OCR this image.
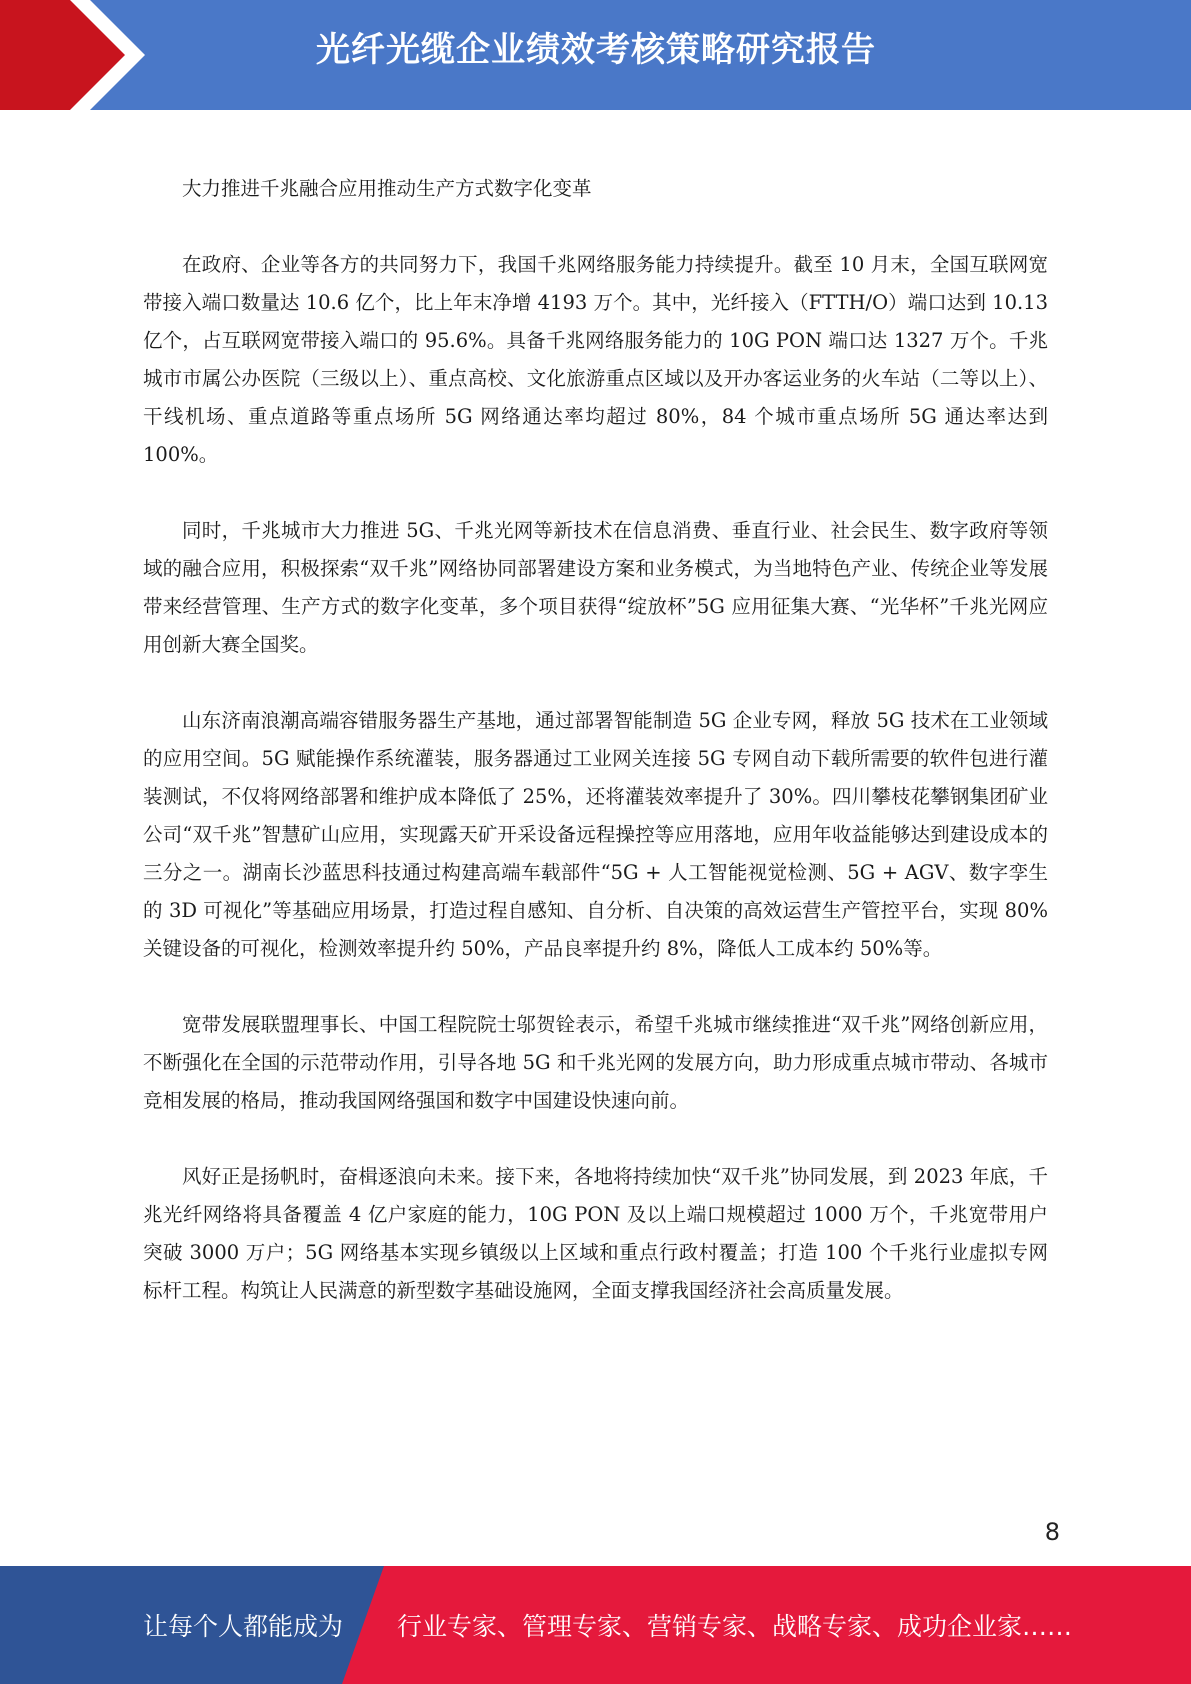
光纤光缆企业绩效考核策略研究报告

大力推进千兆融合应用推动生产方式数字化变革

在政府、企业等各方的共同努力下，我国千兆网络服务能力持续提升。截至 10 月末，全国互联网宽带接入端口数量达 10.6 亿个，比上年末净增 4193 万个。其中，光纤接入（FTTH/O）端口达到 10.13 亿个，占互联网宽带接入端口的 95.6%。具备千兆网络服务能力的 10G PON 端口达 1327 万个。千兆城市市属公办医院（三级以上）、重点高校、文化旅游重点区域以及开办客运业务的火车站（二等以上）、干线机场、重点道路等重点场所 5G 网络通达率均超过 80%，84 个城市重点场所 5G 通达率达到 100%。

同时，千兆城市大力推进 5G、千兆光网等新技术在信息消费、垂直行业、社会民生、数字政府等领域的融合应用，积极探索“双千兆”网络协同部署建设方案和业务模式，为当地特色产业、传统企业等发展带来经营管理、生产方式的数字化变革，多个项目获得“绽放杯”5G 应用征集大赛、“光华杯”千兆光网应用创新大赛全国奖。

山东济南浪潮高端容错服务器生产基地，通过部署智能制造 5G 企业专网，释放 5G 技术在工业领域的应用空间。5G 赋能操作系统灌装，服务器通过工业网关连接 5G 专网自动下载所需要的软件包进行灌装测试，不仅将网络部署和维护成本降低了 25%，还将灌装效率提升了 30%。四川攀枝花攀钢集团矿业公司“双千兆”智慧矿山应用，实现露天矿开采设备远程操控等应用落地，应用年收益能够达到建设成本的三分之一。湖南长沙蓝思科技通过构建高端车载部件“5G + 人工智能视觉检测、5G + AGV、数字孪生的 3D 可视化”等基础应用场景，打造过程自感知、自分析、自决策的高效运营生产管控平台，实现 80%关键设备的可视化，检测效率提升约 50%，产品良率提升约 8%，降低人工成本约 50%等。

宽带发展联盟理事长、中国工程院院士邬贺铨表示，希望千兆城市继续推进“双千兆”网络创新应用，不断强化在全国的示范带动作用，引导各地 5G 和千兆光网的发展方向，助力形成重点城市带动、各城市竞相发展的格局，推动我国网络强国和数字中国建设快速向前。

风好正是扬帆时，奋楫逐浪向未来。接下来，各地将持续加快“双千兆”协同发展，到 2023 年底，千兆光纤网络将具备覆盖 4 亿户家庭的能力，10G PON 及以上端口规模超过 1000 万个，千兆宽带用户突破 3000 万户；5G 网络基本实现乡镇级以上区域和重点行政村覆盖；打造 100 个千兆行业虚拟专网标杆工程。构筑让人民满意的新型数字基础设施网，全面支撑我国经济社会高质量发展。

8
让每个人都能成为 行业专家、管理专家、营销专家、战略专家、成功企业家……
